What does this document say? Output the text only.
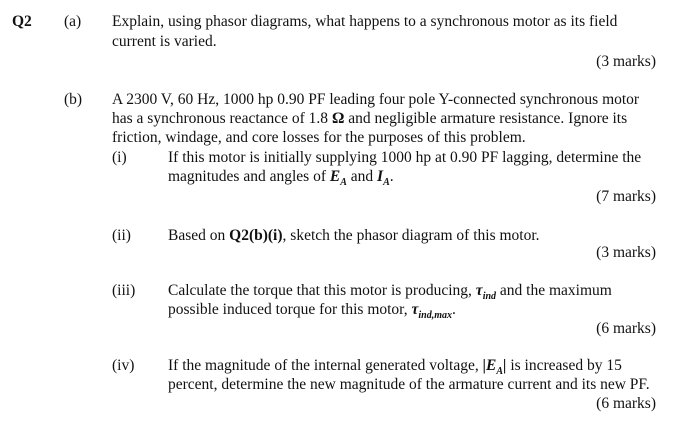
Q2 (a) Explain, using phasor diagrams, what happens to a synchronous motor as its field
current is varied.
(3 marks)
(b) A 2300 V, 60 Hz, 1000 hp 0.90 PF leading four pole Y-connected synchronous motor
has a synchronous reactance of 1.8 Ω and negligible armature resistance. Ignore its
friction, windage, and core losses for the purposes of this problem.
(i)	If this motor is initially supplying 1000 hp at 0.90 PF lagging, determine the
magnitudes and angles of $E_A$ and $I_A$.
(7 marks)
(ii) Based on Q2(b)(i), sketch the phasor diagram of this motor.
(3 marks)
(iii) Calculate the torque that this motor is producing, $\tau_{ind}$ and the maximum
possible induced torque for this motor, $\tau_{ind,max}$.
(6 marks)
(iv) If the magnitude of the internal generated voltage, $|E_A|$ is increased by 15
percent, determine the new magnitude of the armature current and its new PF.
(6 marks)
